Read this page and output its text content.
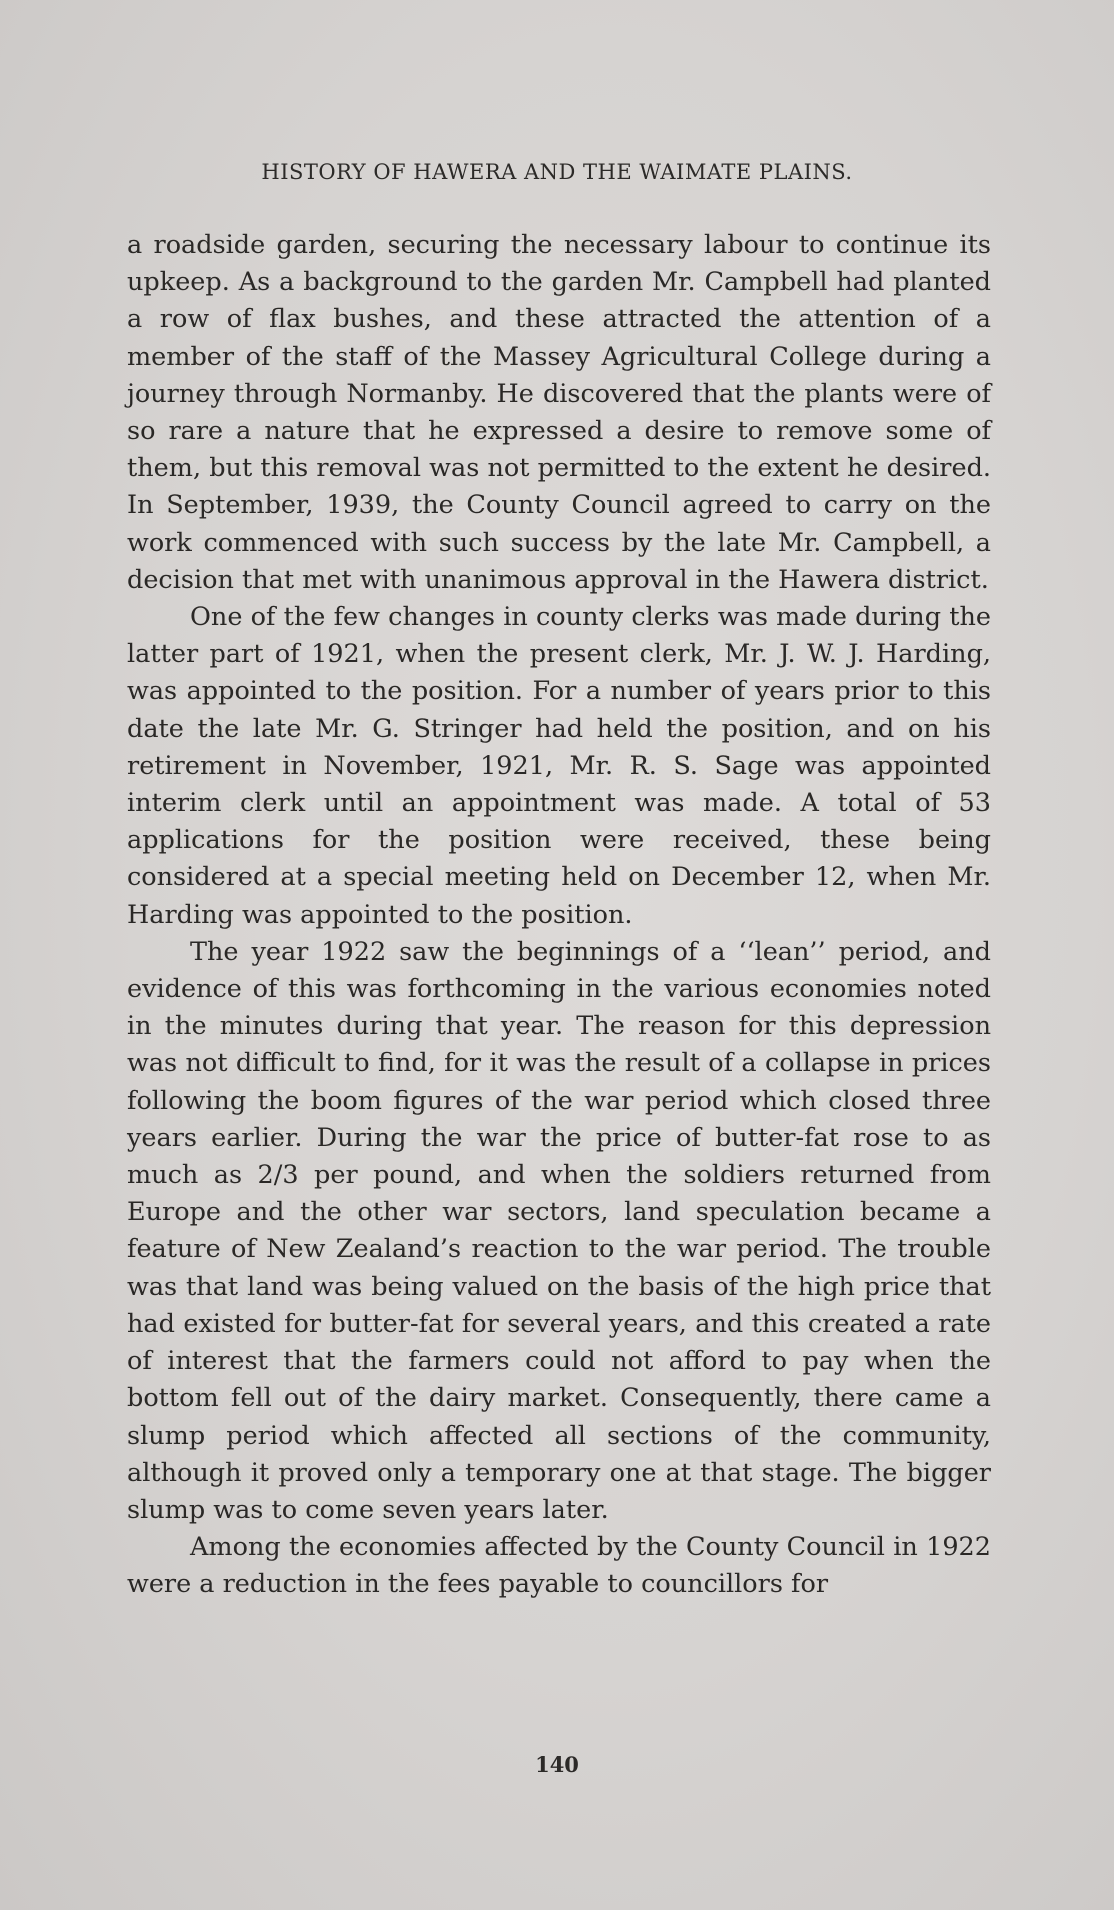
HISTORY OF HAWERA AND THE WAIMATE PLAINS.

a roadside garden, securing the necessary labour to continue its upkeep. As a background to the garden Mr. Campbell had planted a row of flax bushes, and these attracted the attention of a member of the staff of the Massey Agricultural College during a journey through Normanby. He discovered that the plants were of so rare a nature that he expressed a desire to remove some of them, but this removal was not permitted to the extent he desired. In September, 1939, the County Council agreed to carry on the work commenced with such success by the late Mr. Campbell, a decision that met with unanimous approval in the Hawera district.

One of the few changes in county clerks was made during the latter part of 1921, when the present clerk, Mr. J. W. J. Harding, was appointed to the position. For a number of years prior to this date the late Mr. G. Stringer had held the position, and on his retirement in November, 1921, Mr. R. S. Sage was appointed interim clerk until an appointment was made. A total of 53 applications for the position were received, these being considered at a special meeting held on December 12, when Mr. Harding was appointed to the position.

The year 1922 saw the beginnings of a ‘‘lean’’ period, and evidence of this was forthcoming in the various economies noted in the minutes during that year. The reason for this depression was not difficult to find, for it was the result of a collapse in prices following the boom figures of the war period which closed three years earlier. During the war the price of butter-fat rose to as much as 2/3 per pound, and when the soldiers returned from Europe and the other war sectors, land speculation became a feature of New Zealand’s reaction to the war period. The trouble was that land was being valued on the basis of the high price that had existed for butter-fat for several years, and this created a rate of interest that the farmers could not afford to pay when the bottom fell out of the dairy market. Consequently, there came a slump period which affected all sections of the community, although it proved only a temporary one at that stage. The bigger slump was to come seven years later.

Among the economies affected by the County Council in 1922 were a reduction in the fees payable to councillors for

140
